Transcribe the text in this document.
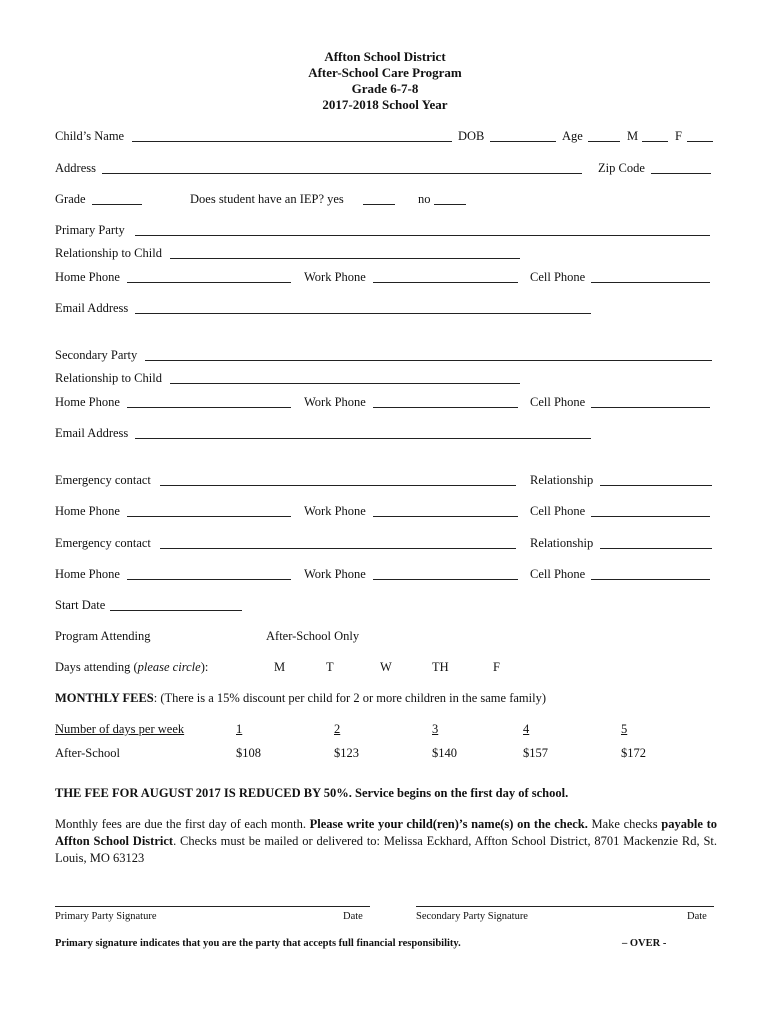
Affton School District
After-School Care Program
Grade 6-7-8
2017-2018 School Year
Child’s Name	DOB	Age	M	F
Address	Zip Code
Grade	Does student have an IEP? yes	no
Primary Party
Relationship to Child
Home Phone	Work Phone	Cell Phone
Email Address
Secondary Party
Relationship to Child
Home Phone	Work Phone	Cell Phone
Email Address
Emergency contact	Relationship
Home Phone	Work Phone	Cell Phone
Emergency contact	Relationship
Home Phone	Work Phone	Cell Phone
Start Date
Program Attending	After-School Only
Days attending (please circle):	M	T	W	TH	F
MONTHLY FEES: (There is a 15% discount per child for 2 or more children in the same family)
Number of days per week	1	2	3	4	5
After-School	$108	$123	$140	$157	$172
THE FEE FOR AUGUST 2017 IS REDUCED BY 50%. Service begins on the first day of school.
Monthly fees are due the first day of each month. Please write your child(ren)’s name(s) on the check. Make checks payable to Affton School District. Checks must be mailed or delivered to: Melissa Eckhard, Affton School District, 8701 Mackenzie Rd, St. Louis, MO 63123
Primary Party Signature	Date	Secondary Party Signature	Date
Primary signature indicates that you are the party that accepts full financial responsibility.	– OVER -
